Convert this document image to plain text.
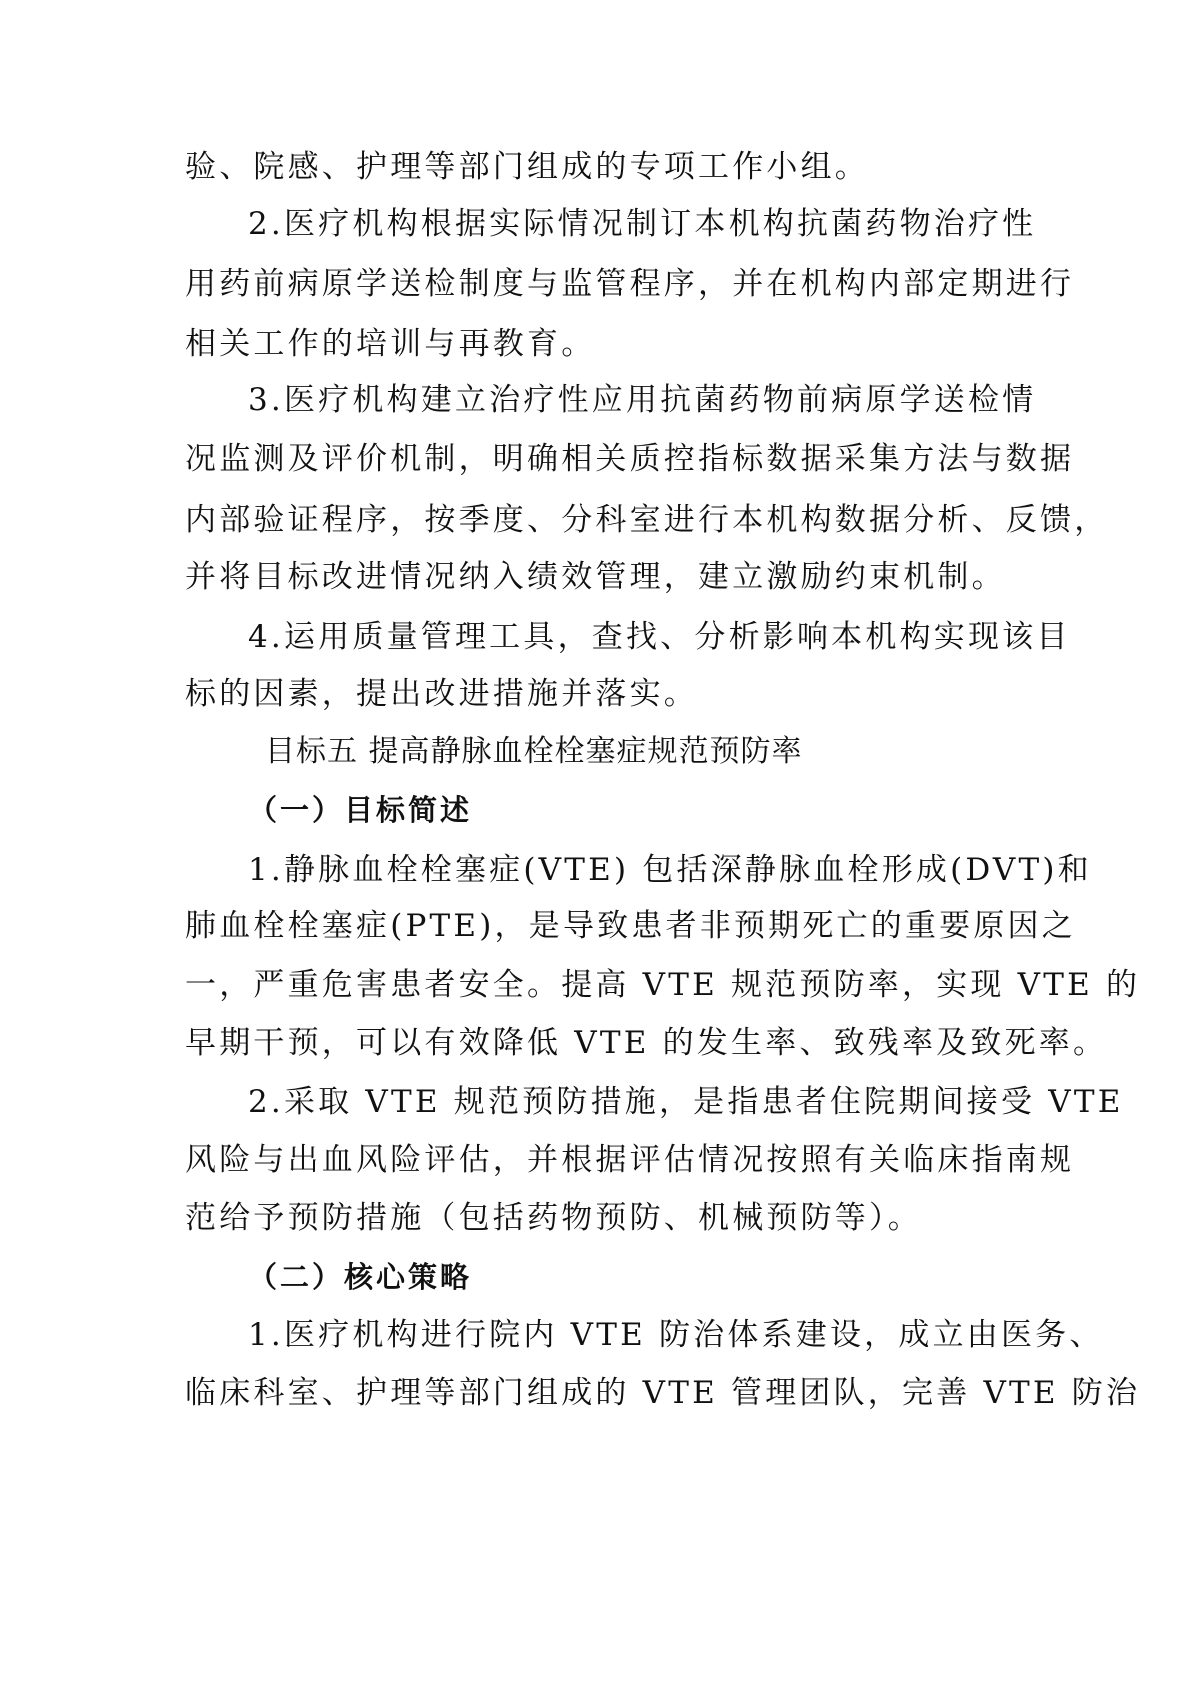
验、院感、护理等部门组成的专项工作小组。
2.医疗机构根据实际情况制订本机构抗菌药物治疗性
用药前病原学送检制度与监管程序，并在机构内部定期进行
相关工作的培训与再教育。
3.医疗机构建立治疗性应用抗菌药物前病原学送检情
况监测及评价机制，明确相关质控指标数据采集方法与数据
内部验证程序，按季度、分科室进行本机构数据分析、反馈，
并将目标改进情况纳入绩效管理，建立激励约束机制。
4.运用质量管理工具，查找、分析影响本机构实现该目
标的因素，提出改进措施并落实。
目标五 提高静脉血栓栓塞症规范预防率
（一）目标简述
1.静脉血栓栓塞症(VTE) 包括深静脉血栓形成(DVT)和
肺血栓栓塞症(PTE)，是导致患者非预期死亡的重要原因之
一，严重危害患者安全。提高 VTE 规范预防率，实现 VTE 的
早期干预，可以有效降低 VTE 的发生率、致残率及致死率。
2.采取 VTE 规范预防措施，是指患者住院期间接受 VTE
风险与出血风险评估，并根据评估情况按照有关临床指南规
范给予预防措施（包括药物预防、机械预防等）。
（二）核心策略
1.医疗机构进行院内 VTE 防治体系建设，成立由医务、
临床科室、护理等部门组成的 VTE 管理团队，完善 VTE 防治
